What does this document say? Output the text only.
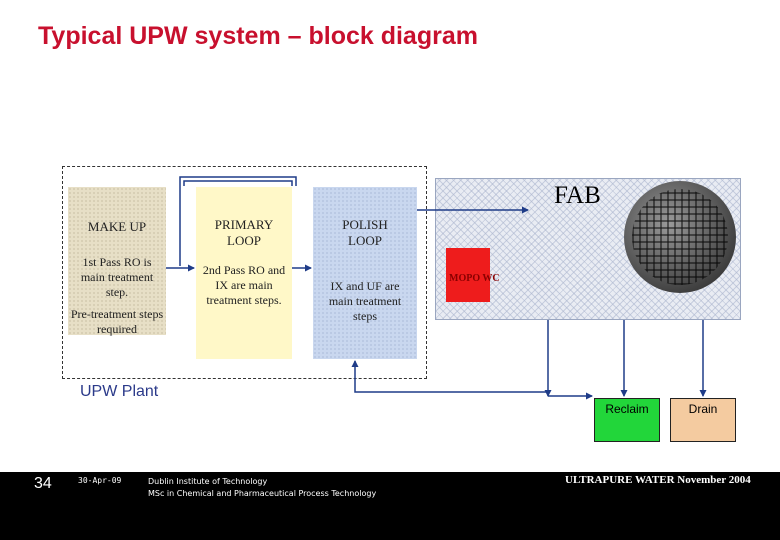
Typical UPW system – block diagram
MAKE UP
1st Pass RO is main treatment step.
Pre-treatment steps required
PRIMARY LOOP
2nd Pass RO and IX are main treatment steps.
POLISH LOOP
IX and UF are main treatment steps
FAB
MOPO WC
Reclaim	Drain
UPW Plant
34	30-Apr-09	Dublin Institute of Technology
MSc in Chemical and Pharmaceutical Process Technology
ULTRAPURE WATER November 2004
